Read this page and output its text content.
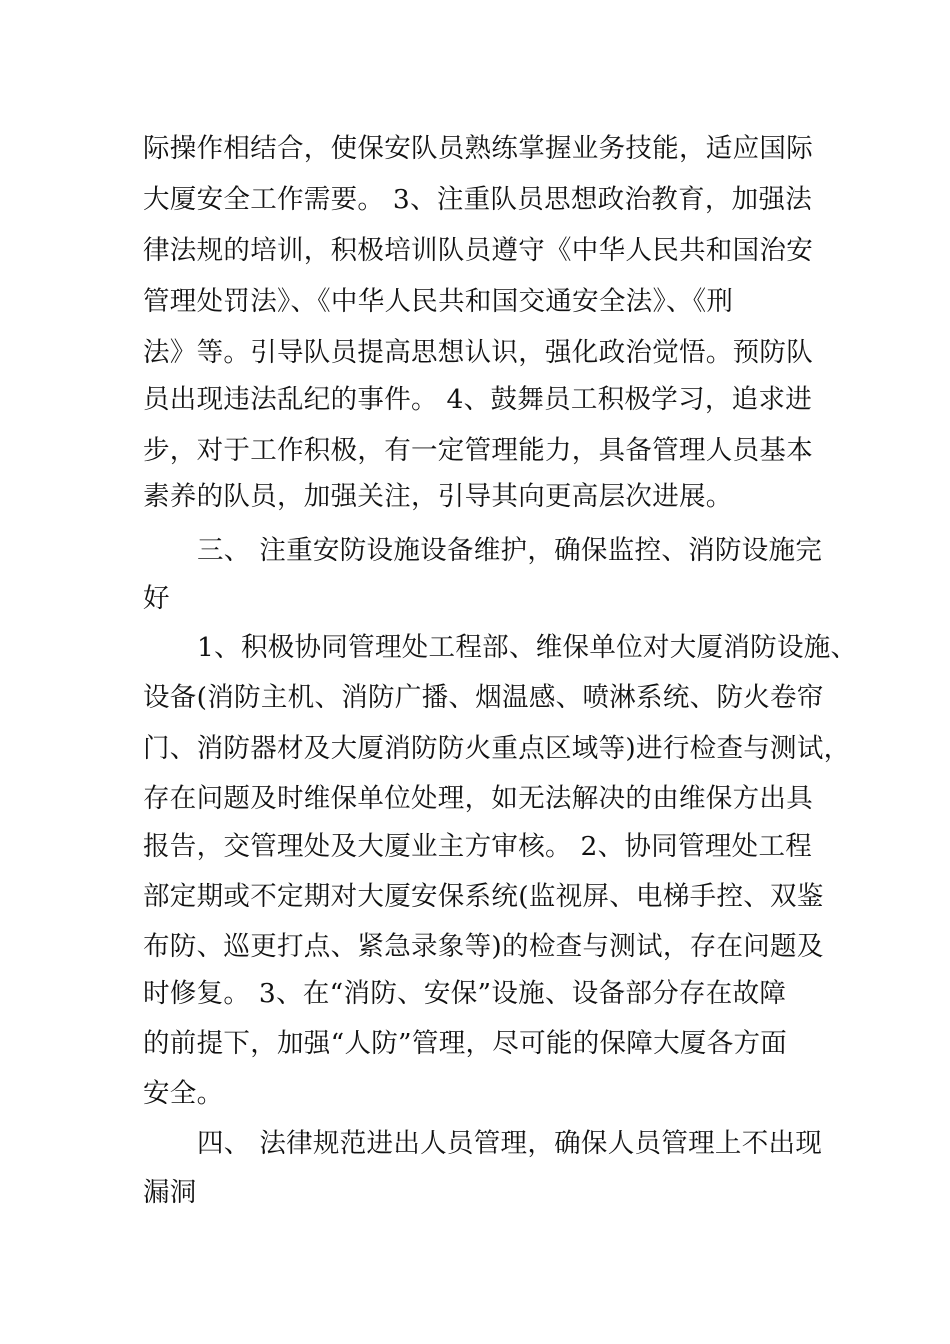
际操作相结合，使保安队员熟练掌握业务技能，适应国际
大厦安全工作需要。 3、注重队员思想政治教育，加强法
律法规的培训，积极培训队员遵守《中华人民共和国治安
管理处罚法》、《中华人民共和国交通安全法》、《刑
法》等。引导队员提高思想认识，强化政治觉悟。预防队
员出现违法乱纪的事件。 4、鼓舞员工积极学习，追求进
步，对于工作积极，有一定管理能力，具备管理人员基本
素养的队员，加强关注，引导其向更高层次进展。
三、 注重安防设施设备维护，确保监控、消防设施完
好
1、积极协同管理处工程部、维保单位对大厦消防设施、
设备(消防主机、消防广播、烟温感、喷淋系统、防火卷帘
门、消防器材及大厦消防防火重点区域等)进行检查与测试，
存在问题及时维保单位处理，如无法解决的由维保方出具
报告，交管理处及大厦业主方审核。 2、协同管理处工程
部定期或不定期对大厦安保系统(监视屏、电梯手控、双鉴
布防、巡更打点、紧急录象等)的检查与测试，存在问题及
时修复。 3、在“消防、安保”设施、设备部分存在故障
的前提下，加强“人防”管理，尽可能的保障大厦各方面
安全。
四、 法律规范进出人员管理，确保人员管理上不出现
漏洞
